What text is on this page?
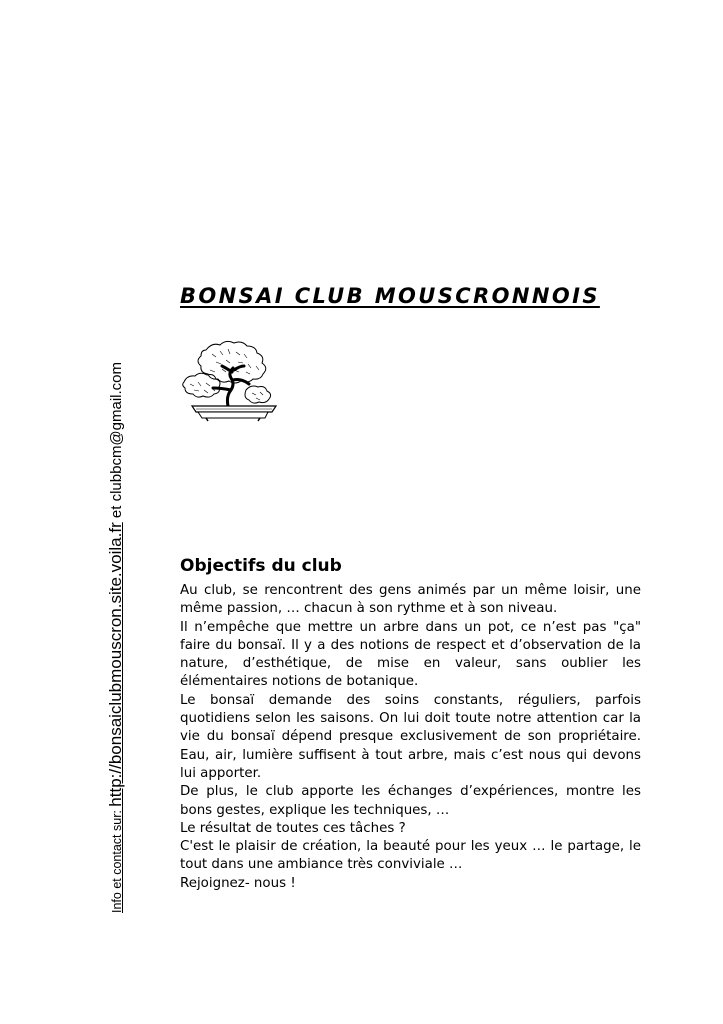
BONSAI CLUB MOUSCRONNOIS
Info et contact sur: http://bonsaiclubmouscron.site.voila.fr et clubbcm@gmail.com
Objectifs du club

Au club, se rencontrent des gens animés par un même loisir, une même passion, … chacun à son rythme et à son niveau.

Il n’empêche que mettre un arbre dans un pot, ce n’est pas "ça" faire du bonsaï. Il y a des notions de respect et d’observation de la nature, d’esthétique, de mise en valeur, sans oublier les élémentaires notions de botanique.

Le bonsaï demande des soins constants, réguliers, parfois quotidiens selon les saisons. On lui doit toute notre attention car la vie du bonsaï dépend presque exclusivement de son propriétaire. Eau, air, lumière suffisent à tout arbre, mais c’est nous qui devons lui apporter.

De plus, le club apporte les échanges d’expériences, montre les bons gestes, explique les techniques, …

Le résultat de toutes ces tâches ?

C'est le plaisir de création, la beauté pour les yeux … le partage, le tout dans une ambiance très conviviale …

Rejoignez- nous !
